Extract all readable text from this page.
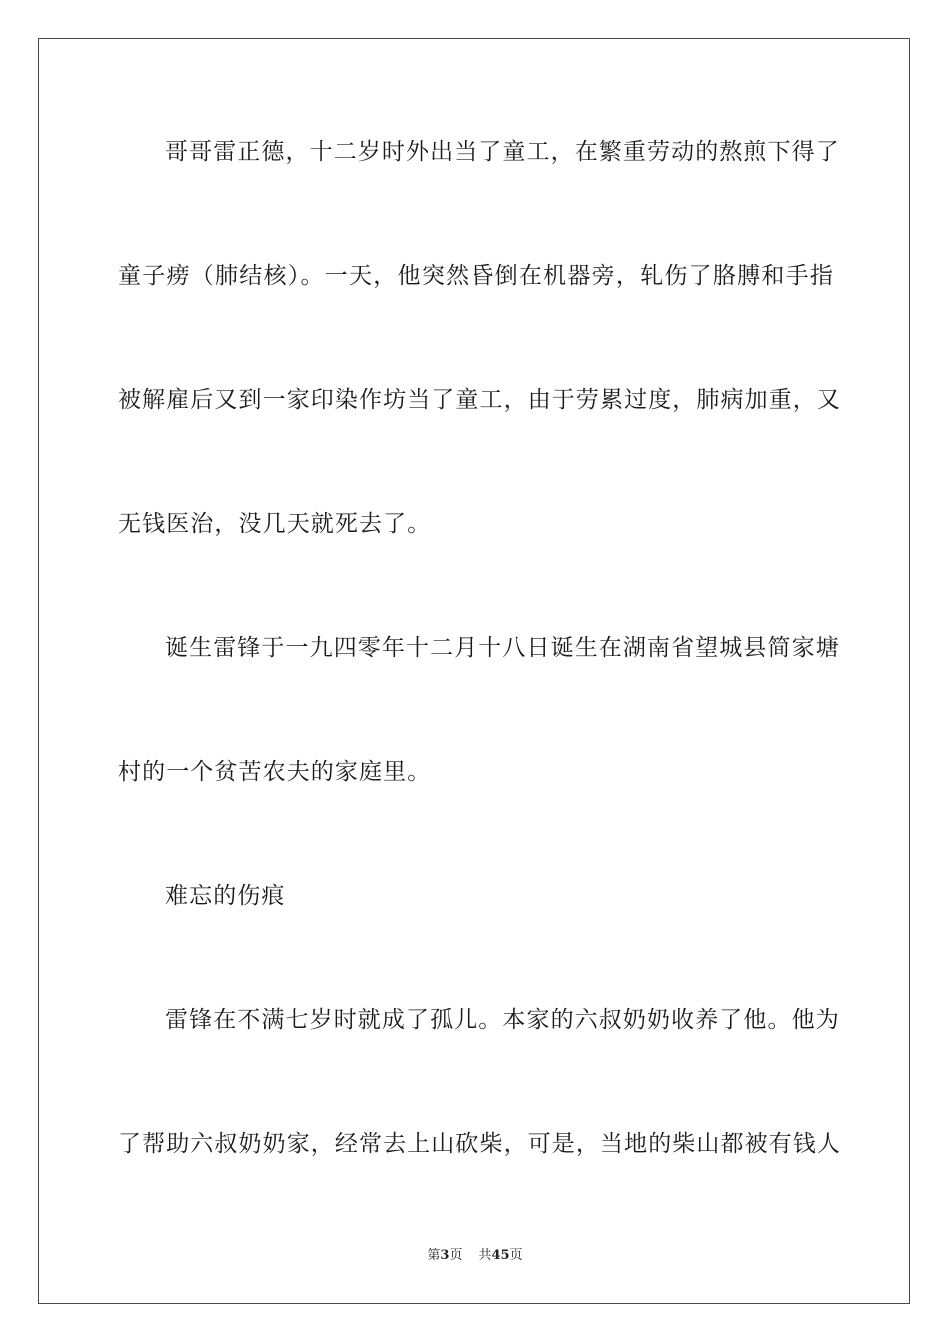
哥哥雷正德，十二岁时外出当了童工，在繁重劳动的熬煎下得了
童子痨（肺结核）。一天，他突然昏倒在机器旁，轧伤了胳膊和手指
被解雇后又到一家印染作坊当了童工，由于劳累过度，肺病加重，又
无钱医治，没几天就死去了。
诞生雷锋于一九四零年十二月十八日诞生在湖南省望城县简家塘
村的一个贫苦农夫的家庭里。
难忘的伤痕
雷锋在不满七岁时就成了孤儿。本家的六叔奶奶收养了他。他为
了帮助六叔奶奶家，经常去上山砍柴，可是，当地的柴山都被有钱人
第3页 共45页
